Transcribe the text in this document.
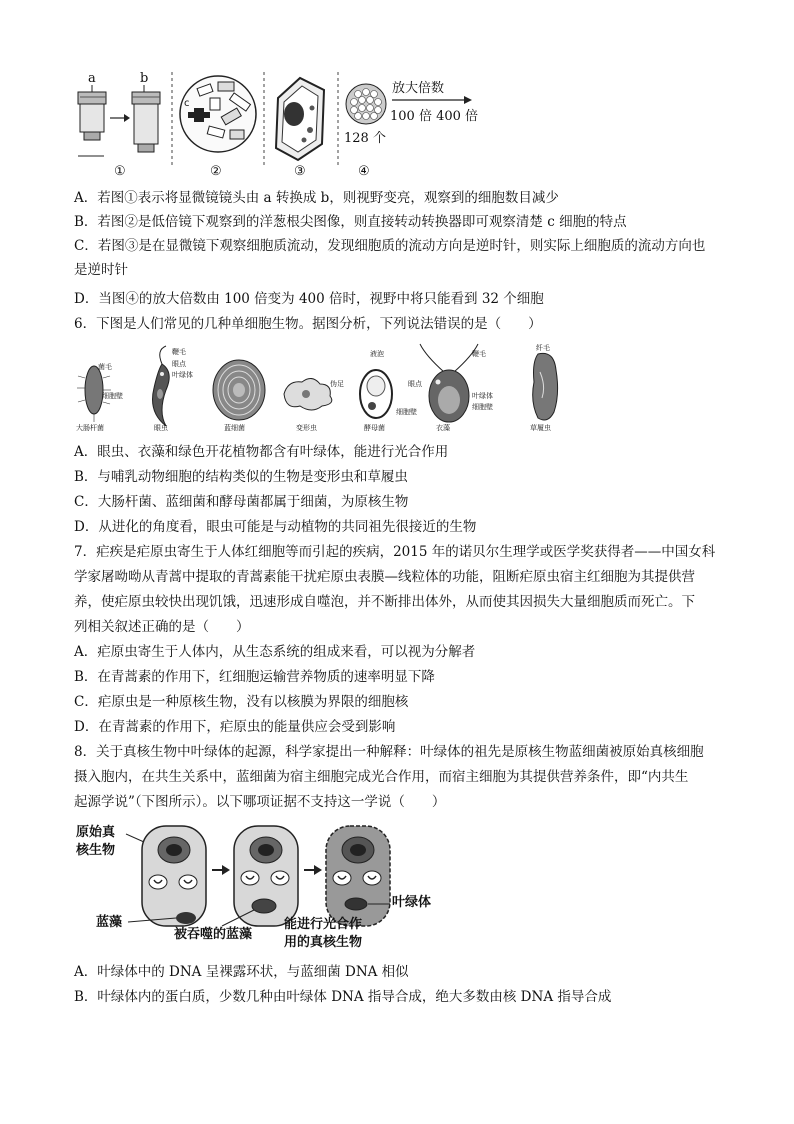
a	b
①
c
②	③
128 个
放大倍数
100 倍 400 倍
④
A．若图①表示将显微镜镜头由 a 转换成 b，则视野变亮，观察到的细胞数目减少
B．若图②是低倍镜下观察到的洋葱根尖图像，则直接转动转换器即可观察清楚 c 细胞的特点
C．若图③是在显微镜下观察细胞质流动，发现细胞质的流动方向是逆时针，则实际上细胞质的流动方向也
是逆时针
D．当图④的放大倍数由 100 倍变为 400 倍时，视野中将只能看到 32 个细胞
6．下图是人们常见的几种单细胞生物。据图分析，下列说法错误的是（　　）
菌毛
细胞壁
大肠杆菌
鞭毛
眼点
叶绿体
眼虫	蓝细菌
伪足
变形虫
液泡
细胞壁
酵母菌
鞭毛
眼点
叶绿体
细胞壁
衣藻
纤毛
草履虫
A．眼虫、衣藻和绿色开花植物都含有叶绿体，能进行光合作用
B．与哺乳动物细胞的结构类似的生物是变形虫和草履虫
C．大肠杆菌、蓝细菌和酵母菌都属于细菌，为原核生物
D．从进化的角度看，眼虫可能是与动植物的共同祖先很接近的生物
7．疟疾是疟原虫寄生于人体红细胞等而引起的疾病，2015 年的诺贝尔生理学或医学奖获得者——中国女科
学家屠呦呦从青蒿中提取的青蒿素能干扰疟原虫表膜—线粒体的功能，阻断疟原虫宿主红细胞为其提供营
养，使疟原虫较快出现饥饿，迅速形成自噬泡，并不断排出体外，从而使其因损失大量细胞质而死亡。下
列相关叙述正确的是（　　）
A．疟原虫寄生于人体内，从生态系统的组成来看，可以视为分解者
B．在青蒿素的作用下，红细胞运输营养物质的速率明显下降
C．疟原虫是一种原核生物，没有以核膜为界限的细胞核
D．在青蒿素的作用下，疟原虫的能量供应会受到影响
8．关于真核生物中叶绿体的起源，科学家提出一种解释：叶绿体的祖先是原核生物蓝细菌被原始真核细胞
摄入胞内，在共生关系中，蓝细菌为宿主细胞完成光合作用，而宿主细胞为其提供营养条件，即“内共生
起源学说”（下图所示）。以下哪项证据不支持这一学说（　　）
原始真
核生物
叶绿体
蓝藻
被吞噬的蓝藻
能进行光合作
用的真核生物
A．叶绿体中的 DNA 呈裸露环状，与蓝细菌 DNA 相似
B．叶绿体内的蛋白质，少数几种由叶绿体 DNA 指导合成，绝大多数由核 DNA 指导合成
